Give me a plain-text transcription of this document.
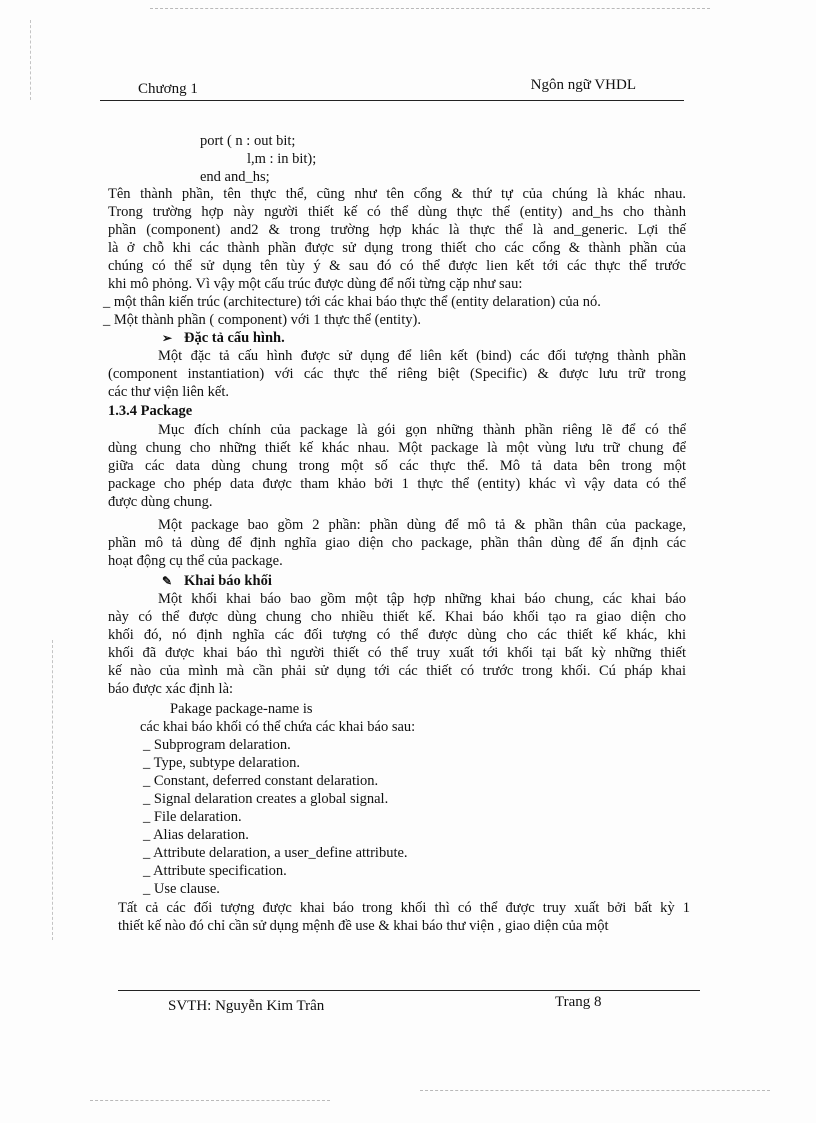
Chương 1	Ngôn ngữ VHDL
port ( n : out bit;
l,m : in bit);
end and_hs;
Tên thành phần, tên thực thể, cũng như tên cổng & thứ tự của chúng là khác nhau.
Trong trường hợp này người thiết kế có thể dùng thực thể (entity) and_hs cho thành
phần (component) and2 & trong trường hợp khác là thực thể là and_generic. Lợi thế
là ở chỗ khi các thành phần được sử dụng trong thiết cho các cổng & thành phần của
chúng có thể sử dụng tên tùy ý & sau đó có thể được lien kết tới các thực thể trước
khi mô phỏng. Vì vậy một cấu trúc được dùng để nối từng cặp như sau:
_ một thân kiến trúc (architecture) tới các khai báo thực thể (entity delaration) của nó.
_ Một thành phần ( component) với 1 thực thể (entity).
➢ Đặc tả cấu hình.
Một đặc tả cấu hình được sử dụng để liên kết (bind) các đối tượng thành phần
(component instantiation) với các thực thể riêng biệt (Specific) & được lưu trữ trong
các thư viện liên kết.
1.3.4 Package
Mục đích chính của package là gói gọn những thành phần riêng lẽ để có thể
dùng chung cho những thiết kế khác nhau. Một package là một vùng lưu trữ chung để
giữa các data dùng chung trong một số các thực thể. Mô tả data bên trong một
package cho phép data được tham khảo bởi 1 thực thể (entity) khác vì vậy data có thể
được dùng chung.
Một package bao gồm 2 phần: phần dùng để mô tả & phần thân của package,
phần mô tả dùng để định nghĩa giao diện cho package, phần thân dùng để ấn định các
hoạt động cụ thể của package.
✎ Khai báo khối
Một khối khai báo bao gồm một tập hợp những khai báo chung, các khai báo
này có thể được dùng chung cho nhiều thiết kế. Khai báo khối tạo ra giao diện cho
khối đó, nó định nghĩa các đối tượng có thể được dùng cho các thiết kế khác, khi
khối đã được khai báo thì người thiết có thể truy xuất tới khối tại bất kỳ những thiết
kế nào của mình mà cần phải sử dụng tới các thiết có trước trong khối. Cú pháp khai
báo được xác định là:
Pakage package-name is
các khai báo khối có thể chứa các khai báo sau:
_ Subprogram delaration.
_ Type, subtype delaration.
_ Constant, deferred constant delaration.
_ Signal delaration creates a global signal.
_ File delaration.
_ Alias delaration.
_ Attribute delaration, a user_define attribute.
_ Attribute specification.
_ Use clause.
Tất cả các đối tượng được khai báo trong khối thì có thể được truy xuất bởi bất kỳ 1
thiết kế nào đó chỉ cần sử dụng mệnh đề use & khai báo thư viện , giao diện của một
SVTH: Nguyễn Kim Trân	Trang 8
